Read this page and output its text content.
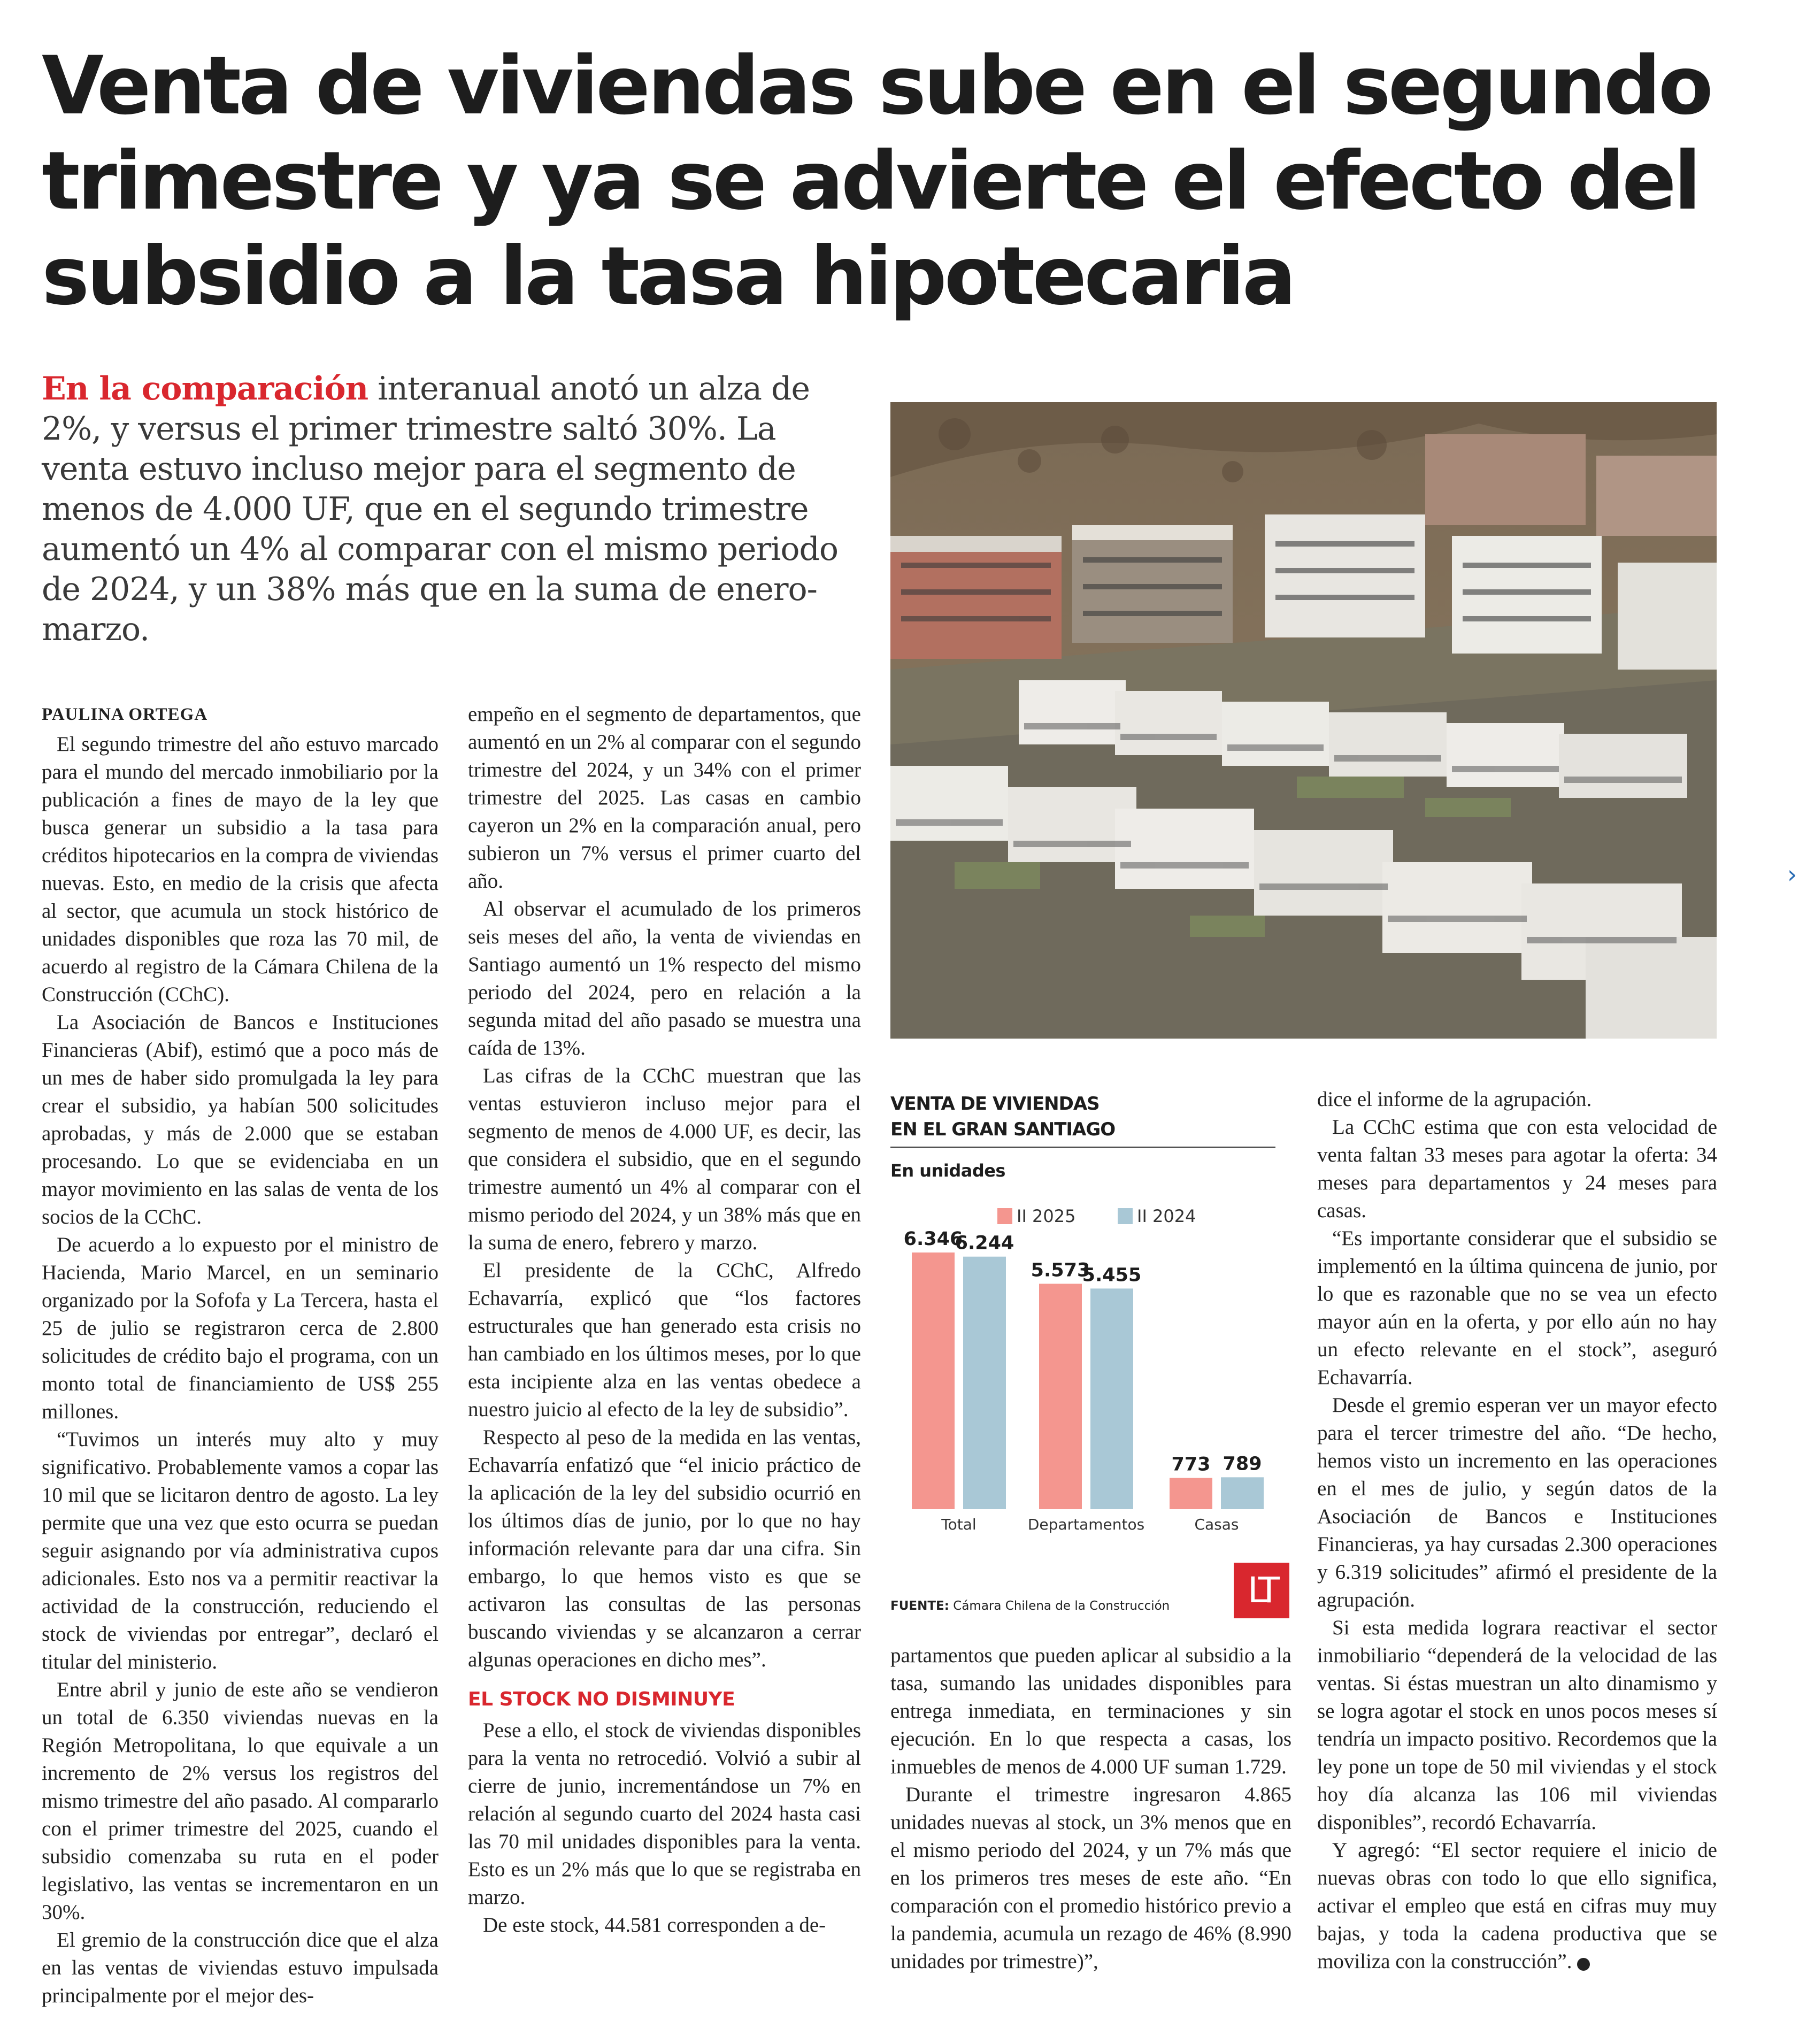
Venta de viviendas sube en el segundo trimestre y ya se advierte el efecto del subsidio a la tasa hipotecaria

En la comparación interanual anotó un alza de 2%, y versus el primer trimestre saltó 30%. La venta estuvo incluso mejor para el segmento de menos de 4.000 UF, que en el segundo trimestre aumentó un 4% al comparar con el mismo periodo de 2024, y un 38% más que en la suma de enero-marzo.

PAULINA ORTEGA

El segundo trimestre del año estuvo marcado para el mundo del mercado inmobiliario por la publicación a fines de mayo de la ley que busca generar un subsidio a la tasa para créditos hipotecarios en la compra de viviendas nuevas. Esto, en medio de la crisis que afecta al sector, que acumula un stock histórico de unidades disponibles que roza las 70 mil, de acuerdo al registro de la Cámara Chilena de la Construcción (CChC).

La Asociación de Bancos e Instituciones Financieras (Abif), estimó que a poco más de un mes de haber sido promulgada la ley para crear el subsidio, ya habían 500 solicitudes aprobadas, y más de 2.000 que se estaban procesando. Lo que se evidenciaba en un mayor movimiento en las salas de venta de los socios de la CChC.

De acuerdo a lo expuesto por el ministro de Hacienda, Mario Marcel, en un seminario organizado por la Sofofa y La Tercera, hasta el 25 de julio se registraron cerca de 2.800 solicitudes de crédito bajo el programa, con un monto total de financiamiento de US$ 255 millones.

“Tuvimos un interés muy alto y muy significativo. Probablemente vamos a copar las 10 mil que se licitaron dentro de agosto. La ley permite que una vez que esto ocurra se puedan seguir asignando por vía administrativa cupos adicionales. Esto nos va a permitir reactivar la actividad de la construcción, reduciendo el stock de viviendas por entregar”, declaró el titular del ministerio.

Entre abril y junio de este año se vendieron un total de 6.350 viviendas nuevas en la Región Metropolitana, lo que equivale a un incremento de 2% versus los registros del mismo trimestre del año pasado. Al compararlo con el primer trimestre del 2025, cuando el subsidio comenzaba su ruta en el poder legislativo, las ventas se incrementaron en un 30%.

El gremio de la construcción dice que el alza en las ventas de viviendas estuvo impulsada principalmente por el mejor des-

empeño en el segmento de departamentos, que aumentó en un 2% al comparar con el segundo trimestre del 2024, y un 34% con el primer trimestre del 2025. Las casas en cambio cayeron un 2% en la comparación anual, pero subieron un 7% versus el primer cuarto del año.

Al observar el acumulado de los primeros seis meses del año, la venta de viviendas en Santiago aumentó un 1% respecto del mismo periodo del 2024, pero en relación a la segunda mitad del año pasado se muestra una caída de 13%.

Las cifras de la CChC muestran que las ventas estuvieron incluso mejor para el segmento de menos de 4.000 UF, es decir, las que considera el subsidio, que en el segundo trimestre aumentó un 4% al comparar con el mismo periodo del 2024, y un 38% más que en la suma de enero, febrero y marzo.

El presidente de la CChC, Alfredo Echavarría, explicó que “los factores estructurales que han generado esta crisis no han cambiado en los últimos meses, por lo que esta incipiente alza en las ventas obedece a nuestro juicio al efecto de la ley de subsidio”.

Respecto al peso de la medida en las ventas, Echavarría enfatizó que “el inicio práctico de la aplicación de la ley del subsidio ocurrió en los últimos días de junio, por lo que no hay información relevante para dar una cifra. Sin embargo, lo que hemos visto es que se activaron las consultas de las personas buscando viviendas y se alcanzaron a cerrar algunas operaciones en dicho mes”.

EL STOCK NO DISMINUYE

Pese a ello, el stock de viviendas disponibles para la venta no retrocedió. Volvió a subir al cierre de junio, incrementándose un 7% en relación al segundo cuarto del 2024 hasta casi las 70 mil unidades disponibles para la venta. Esto es un 2% más que lo que se registraba en marzo.

De este stock, 44.581 corresponden a de-

VENTA DE VIVIENDAS
EN EL GRAN SANTIAGO
En unidades
II 2025	II 2024
6.346
6.244
Total
5.573
5.455
Departamentos
773 789
Casas
FUENTE: Cámara Chilena de la Construcción	LT

partamentos que pueden aplicar al subsidio a la tasa, sumando las unidades disponibles para entrega inmediata, en terminaciones y sin ejecución. En lo que respecta a casas, los inmuebles de menos de 4.000 UF suman 1.729.

Durante el trimestre ingresaron 4.865 unidades nuevas al stock, un 3% menos que en el mismo periodo del 2024, y un 7% más que en los primeros tres meses de este año. “En comparación con el promedio histórico previo a la pandemia, acumula un rezago de 46% (8.990 unidades por trimestre)”,

dice el informe de la agrupación.

La CChC estima que con esta velocidad de venta faltan 33 meses para agotar la oferta: 34 meses para departamentos y 24 meses para casas.

“Es importante considerar que el subsidio se implementó en la última quincena de junio, por lo que es razonable que no se vea un efecto mayor aún en la oferta, y por ello aún no hay un efecto relevante en el stock”, aseguró Echavarría.

Desde el gremio esperan ver un mayor efecto para el tercer trimestre del año. “De hecho, hemos visto un incremento en las operaciones en el mes de julio, y según datos de la Asociación de Bancos e Instituciones Financieras, ya hay cursadas 2.300 operaciones y 6.319 solicitudes” afirmó el presidente de la agrupación.

Si esta medida lograra reactivar el sector inmobiliario “dependerá de la velocidad de las ventas. Si éstas muestran un alto dinamismo y se logra agotar el stock en unos pocos meses sí tendría un impacto positivo. Recordemos que la ley pone un tope de 50 mil viviendas y el stock hoy día alcanza las 106 mil viviendas disponibles”, recordó Echavarría.

Y agregó: “El sector requiere el inicio de nuevas obras con todo lo que ello significa, activar el empleo que está en cifras muy muy bajas, y toda la cadena productiva que se moviliza con la construcción”. P

›
